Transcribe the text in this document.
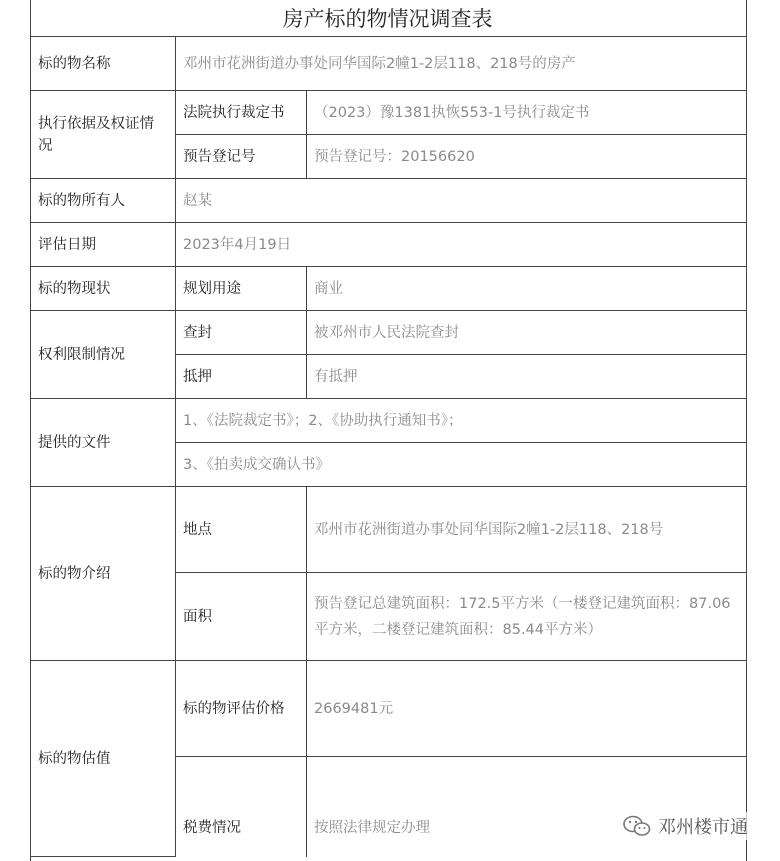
房产标的物情况调查表
标的物名称	邓州市花洲街道办事处同华国际2幢1-2层118、218号的房产	
执行依据及权证情况	法院执行裁定书	（2023）豫1381执恢553-1号执行裁定书
	预告登记号	预告登记号：20156620
标的物所有人	赵某	
评估日期	2023年4月19日	
标的物现状	规划用途	商业
权利限制情况	查封	被邓州市人民法院查封
	抵押	有抵押
提供的文件	1、《法院裁定书》；2、《协助执行通知书》；	
	3、《拍卖成交确认书》	
标的物介绍	地点	邓州市花洲街道办事处同华国际2幢1-2层118、218号
	面积	预告登记总建筑面积：172.5平方米（一楼登记建筑面积：87.06平方米，二楼登记建筑面积：85.44平方米）
标的物估值	标的物评估价格	2669481元
	税费情况	按照法律规定办理	邓州楼市通
